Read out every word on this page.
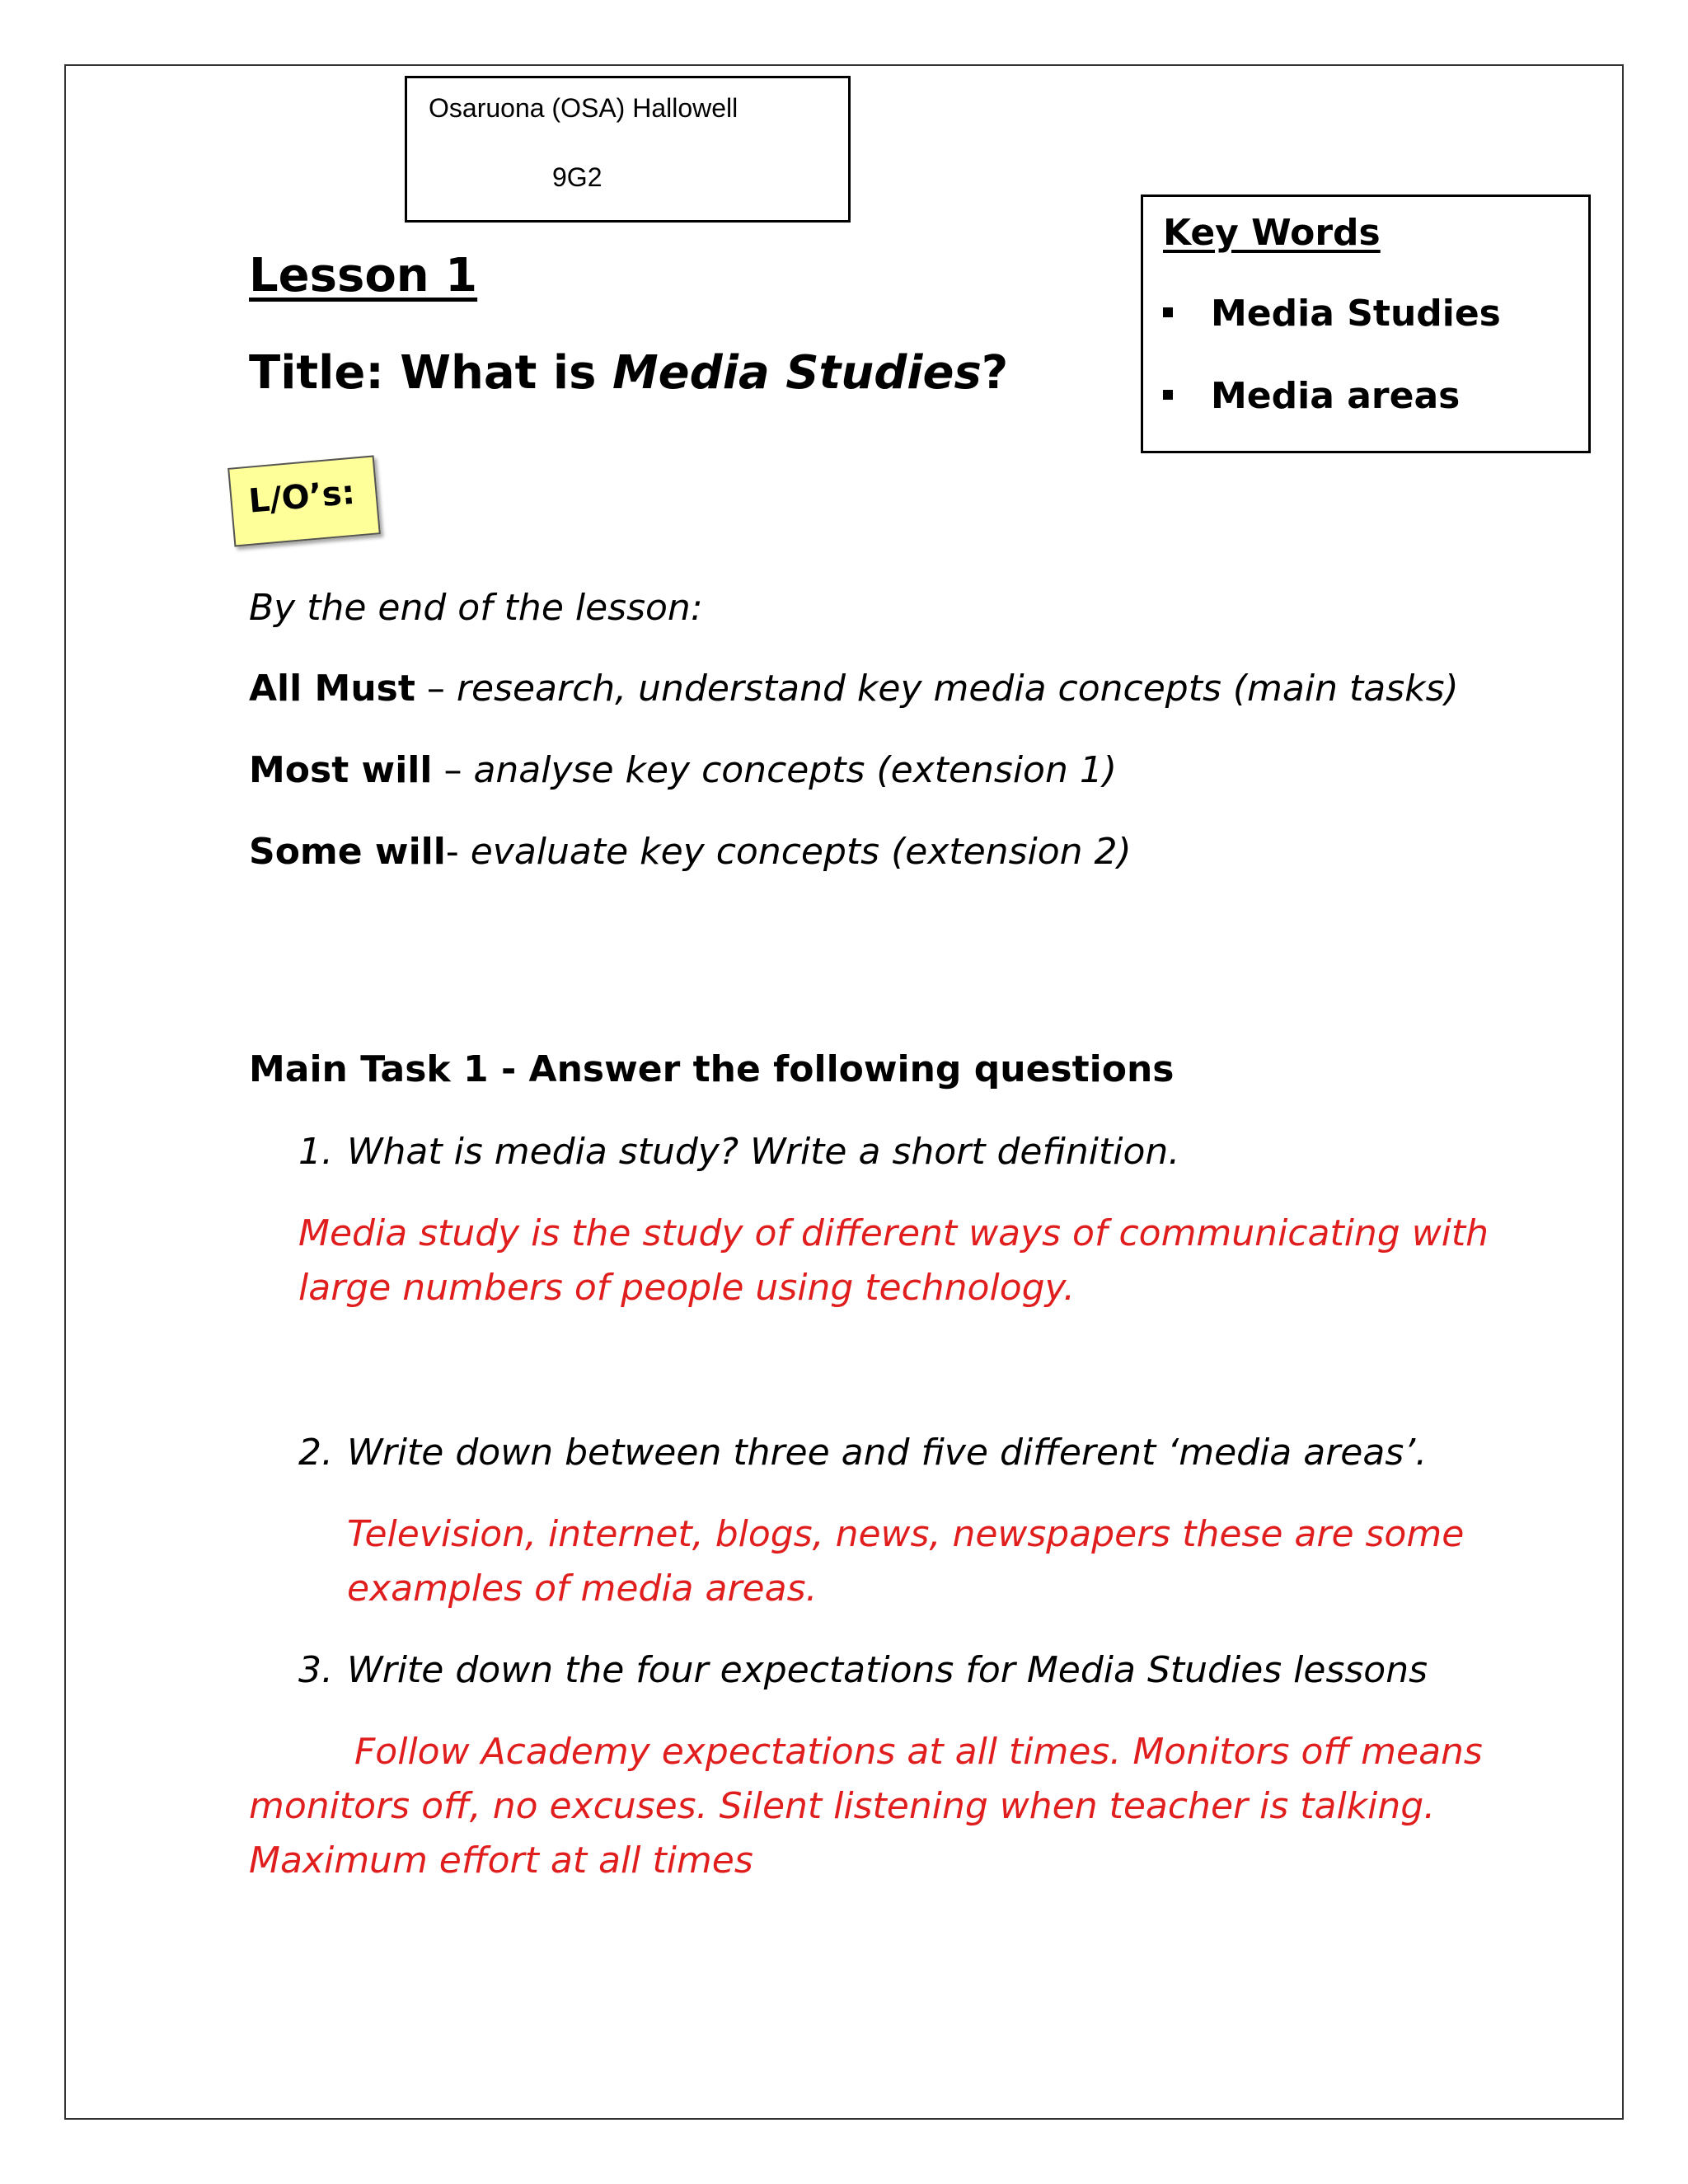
Osaruona (OSA) Hallowell
9G2
Lesson 1
Title: What is Media Studies?
Key Words
Media Studies
Media areas
L/O’s:
By the end of the lesson:
All Must – research, understand key media concepts (main tasks)
Most will – analyse key concepts (extension 1)
Some will- evaluate key concepts (extension 2)
Main Task 1 - Answer the following questions
1. What is media study? Write a short definition.
Media study is the study of different ways of communicating with
large numbers of people using technology.
2. Write down between three and five different ‘media areas’.
Television, internet, blogs, news, newspapers these are some
examples of media areas.
3. Write down the four expectations for Media Studies lessons
Follow Academy expectations at all times. Monitors off means
monitors off, no excuses. Silent listening when teacher is talking.
Maximum effort at all times
